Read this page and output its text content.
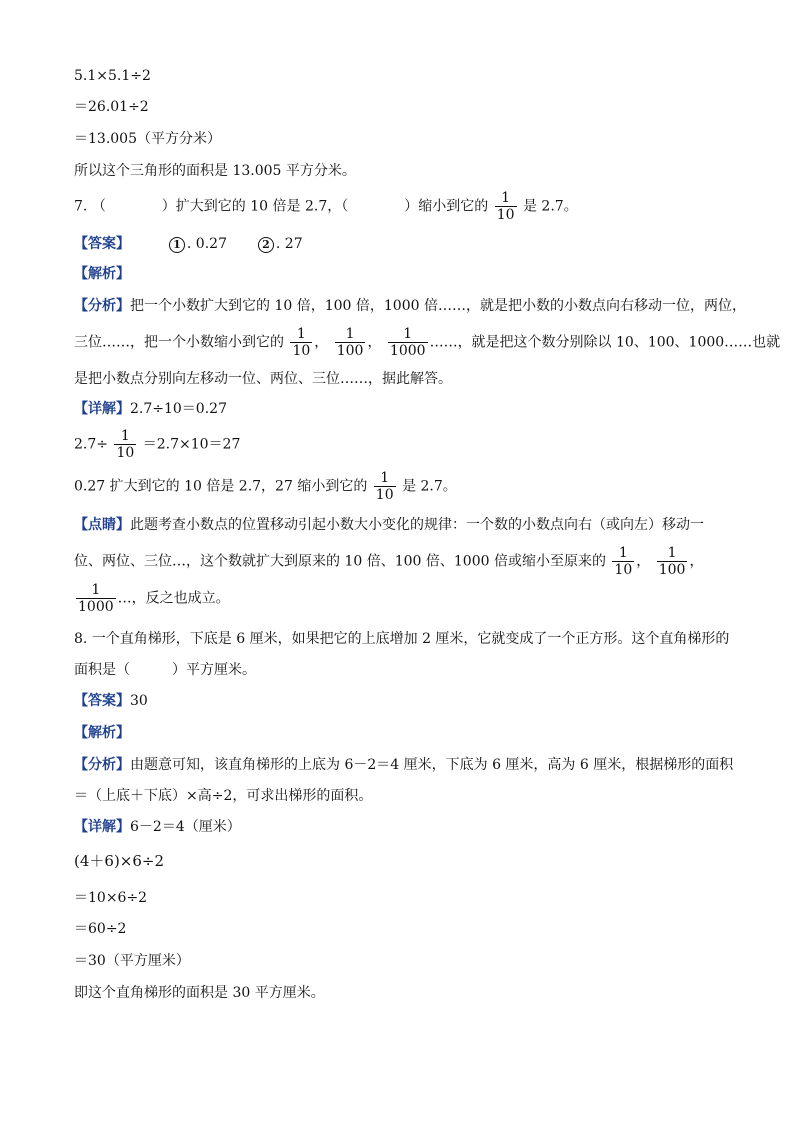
5.1×5.1÷2
＝26.01÷2
＝13.005（平方分米）
所以这个三角形的面积是 13.005 平方分米。
7. （　　　　）扩大到它的 10 倍是 2.7，（　　　　）缩小到它的 $\frac{1}{10}$ 是 2.7。
【答案】	1 . 0.27	2 . 27
【解析】
【分析】把一个小数扩大到它的 10 倍，100 倍，1000 倍……，就是把小数的小数点向右移动一位，两位，
三位……，把一个小数缩小到它的 $\frac{1}{10}$ ， $\frac{1}{100}$ ， $\frac{1}{1000}$ ……，就是把这个数分别除以 10、100、1000……也就
是把小数点分别向左移动一位、两位、三位……，据此解答。
【详解】2.7÷10＝0.27
$2.7\div \frac{1}{10} =2.7\times 10=27$
0.27 扩大到它的 10 倍是 2.7，27 缩小到它的 $\frac{1}{10}$ 是 2.7。
【点睛】此题考查小数点的位置移动引起小数大小变化的规律：一个数的小数点向右（或向左）移动一
位、两位、三位…，这个数就扩大到原来的 10 倍、100 倍、1000 倍或缩小至原来的 $\frac{1}{10}$ ， $\frac{1}{100}$ ，
$\frac{1}{1000}$ …，反之也成立。
8. 一个直角梯形，下底是 6 厘米，如果把它的上底增加 2 厘米，它就变成了一个正方形。这个直角梯形的
面积是（　　　）平方厘米。
【答案】30
【解析】
【分析】由题意可知，该直角梯形的上底为 6－2＝4 厘米，下底为 6 厘米，高为 6 厘米，根据梯形的面积
＝（上底＋下底）×高÷2，可求出梯形的面积。
【详解】6－2＝4（厘米）
(4＋6)×6÷2
＝10×6÷2
＝60÷2
＝30（平方厘米）
即这个直角梯形的面积是 30 平方厘米。
